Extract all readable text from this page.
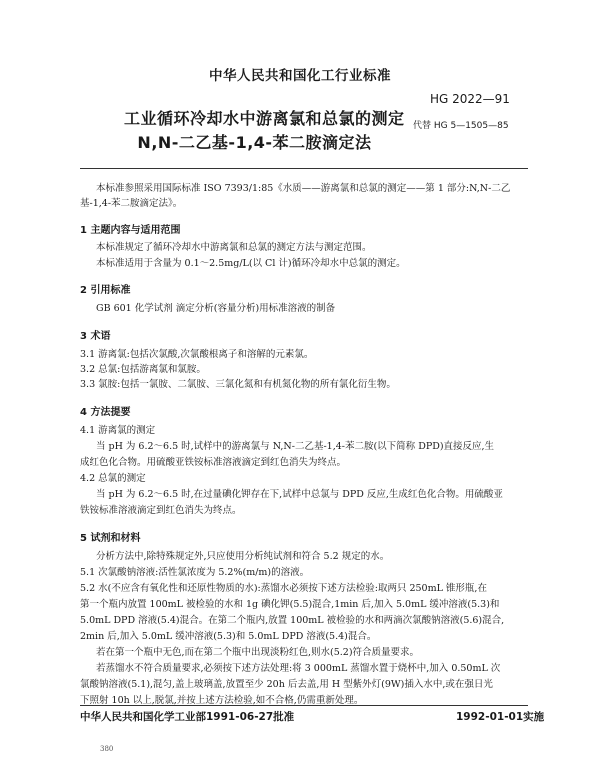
中华人民共和国化工行业标准
HG 2022—91
工业循环冷却水中游离氯和总氯的测定 代替 HG 5—1505—85
N,N-二乙基-1,4-苯二胺滴定法
本标准参照采用国际标准 ISO 7393/1:85《水质——游离氯和总氯的测定——第 1 部分:N,N-二乙
基-1,4-苯二胺滴定法》。
1 主题内容与适用范围
本标准规定了循环冷却水中游离氯和总氯的测定方法与测定范围。
本标准适用于含量为 0.1～2.5mg/L(以 Cl 计)循环冷却水中总氯的测定。
2 引用标准
GB 601 化学试剂 滴定分析(容量分析)用标准溶液的制备
3 术语
3.1 游离氯:包括次氯酸,次氯酸根离子和溶解的元素氯。
3.2 总氯:包括游离氯和氯胺。
3.3 氯胺:包括一氯胺、二氯胺、三氯化氮和有机氮化物的所有氯化衍生物。
4 方法提要
4.1 游离氯的测定
当 pH 为 6.2～6.5 时,试样中的游离氯与 N,N-二乙基-1,4-苯二胺(以下简称 DPD)直接反应,生
成红色化合物。用硫酸亚铁铵标准溶液滴定到红色消失为终点。
4.2 总氯的测定
当 pH 为 6.2～6.5 时,在过量碘化钾存在下,试样中总氯与 DPD 反应,生成红色化合物。用硫酸亚
铁铵标准溶液滴定到红色消失为终点。
5 试剂和材料
分析方法中,除特殊规定外,只应使用分析纯试剂和符合 5.2 规定的水。
5.1 次氯酸钠溶液:活性氯浓度为 5.2%(m/m)的溶液。
5.2 水(不应含有氧化性和还原性物质的水):蒸馏水必须按下述方法检验:取两只 250mL 锥形瓶,在
第一个瓶内放置 100mL 被检验的水和 1g 碘化钾(5.5)混合,1min 后,加入 5.0mL 缓冲溶液(5.3)和
5.0mL DPD 溶液(5.4)混合。在第二个瓶内,放置 100mL 被检验的水和两滴次氯酸钠溶液(5.6)混合,
2min 后,加入 5.0mL 缓冲溶液(5.3)和 5.0mL DPD 溶液(5.4)混合。
若在第一个瓶中无色,而在第二个瓶中出现淡粉红色,则水(5.2)符合质量要求。
若蒸馏水不符合质量要求,必须按下述方法处理:将 3 000mL 蒸馏水置于烧杯中,加入 0.50mL 次
氯酸钠溶液(5.1),混匀,盖上玻璃盖,放置至少 20h 后去盖,用 H 型紫外灯(9W)插入水中,或在强日光
下照射 10h 以上,脱氯,并按上述方法检验,如不合格,仍需重新处理。
中华人民共和国化学工业部1991-06-27批准	1992-01-01实施
380
